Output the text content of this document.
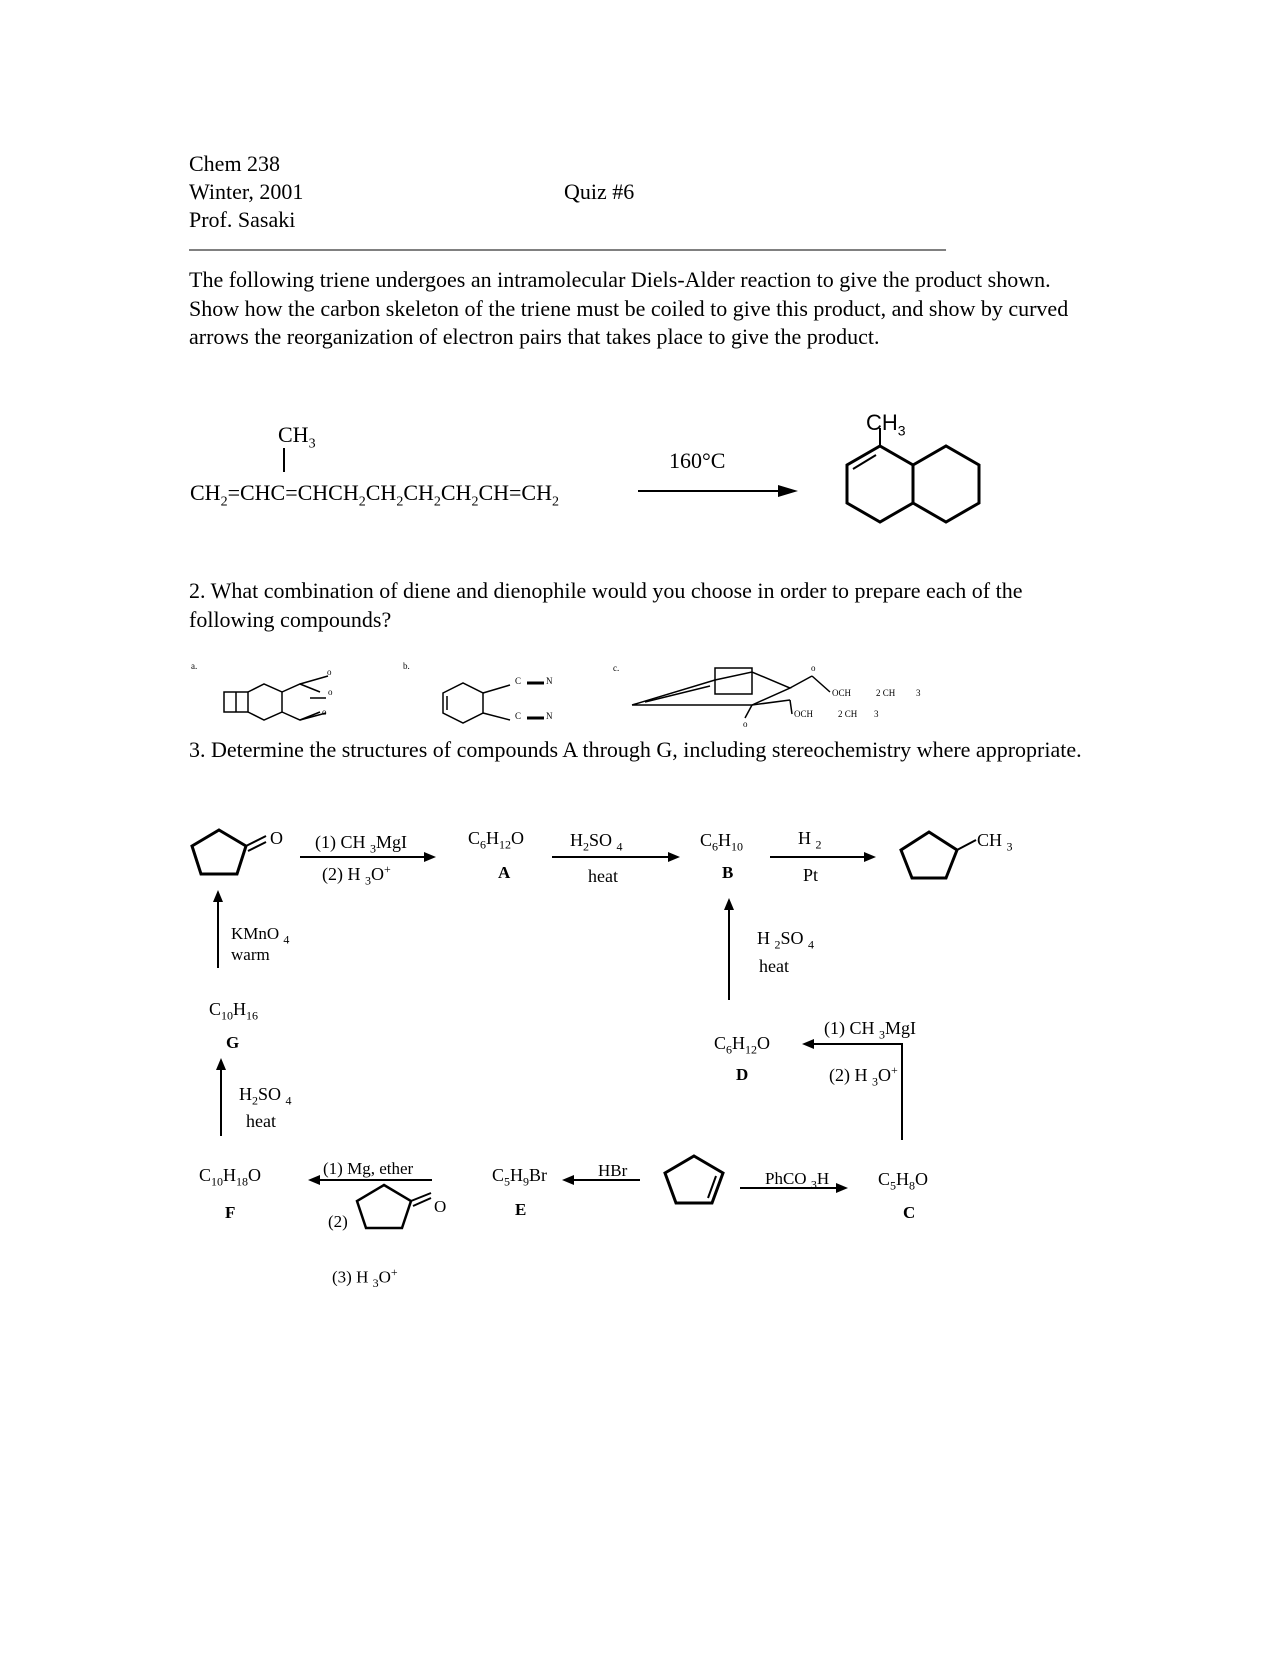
Chem 238
Winter, 2001
Prof. Sasaki
Quiz #6
______________________________________________________________________________
The following triene undergoes an intramolecular Diels-Alder reaction to give the product shown. Show how the carbon skeleton of the triene must be coiled to give this product, and show by curved arrows the reorganization of electron pairs that takes place to give the product.
$CH_3$
$CH_2=CHC=CHCH_2CH_2CH_2CH_2CH=CH_2$
160°C
$CH_3$
2. What combination of diene and dienophile would you choose in order to prepare each of the following compounds?
a.	b.	c.
o
o
o
C	N
C	N
OCH	2 CH 3
OCH	2 CH 3
o
o
3. Determine the structures of compounds A through G, including stereochemistry where appropriate.
O (1) CH $_3$MgI
(2) H $_3$O+
$C_6H_{12}O$
A
$H_2SO$ $_4$
heat
$C_6H_{10}$
B
H $_2$
Pt
CH $_3$
KMnO $_4$
warm
$C_{10}H_{16}$
G
$H_2SO$ $_4$
heat
H $_2$SO $_4$
heat
$C_6H_{12}O$
D
(1) CH $_3$MgI
(2) H $_3$O+
$C_{10}H_{18}O$
F
(1) Mg, ether
(2)
(3) H $_3$O+
O
$C_5H_9Br$
E
HBr	PhCO $_3$H	$C_5H_8O$
C
